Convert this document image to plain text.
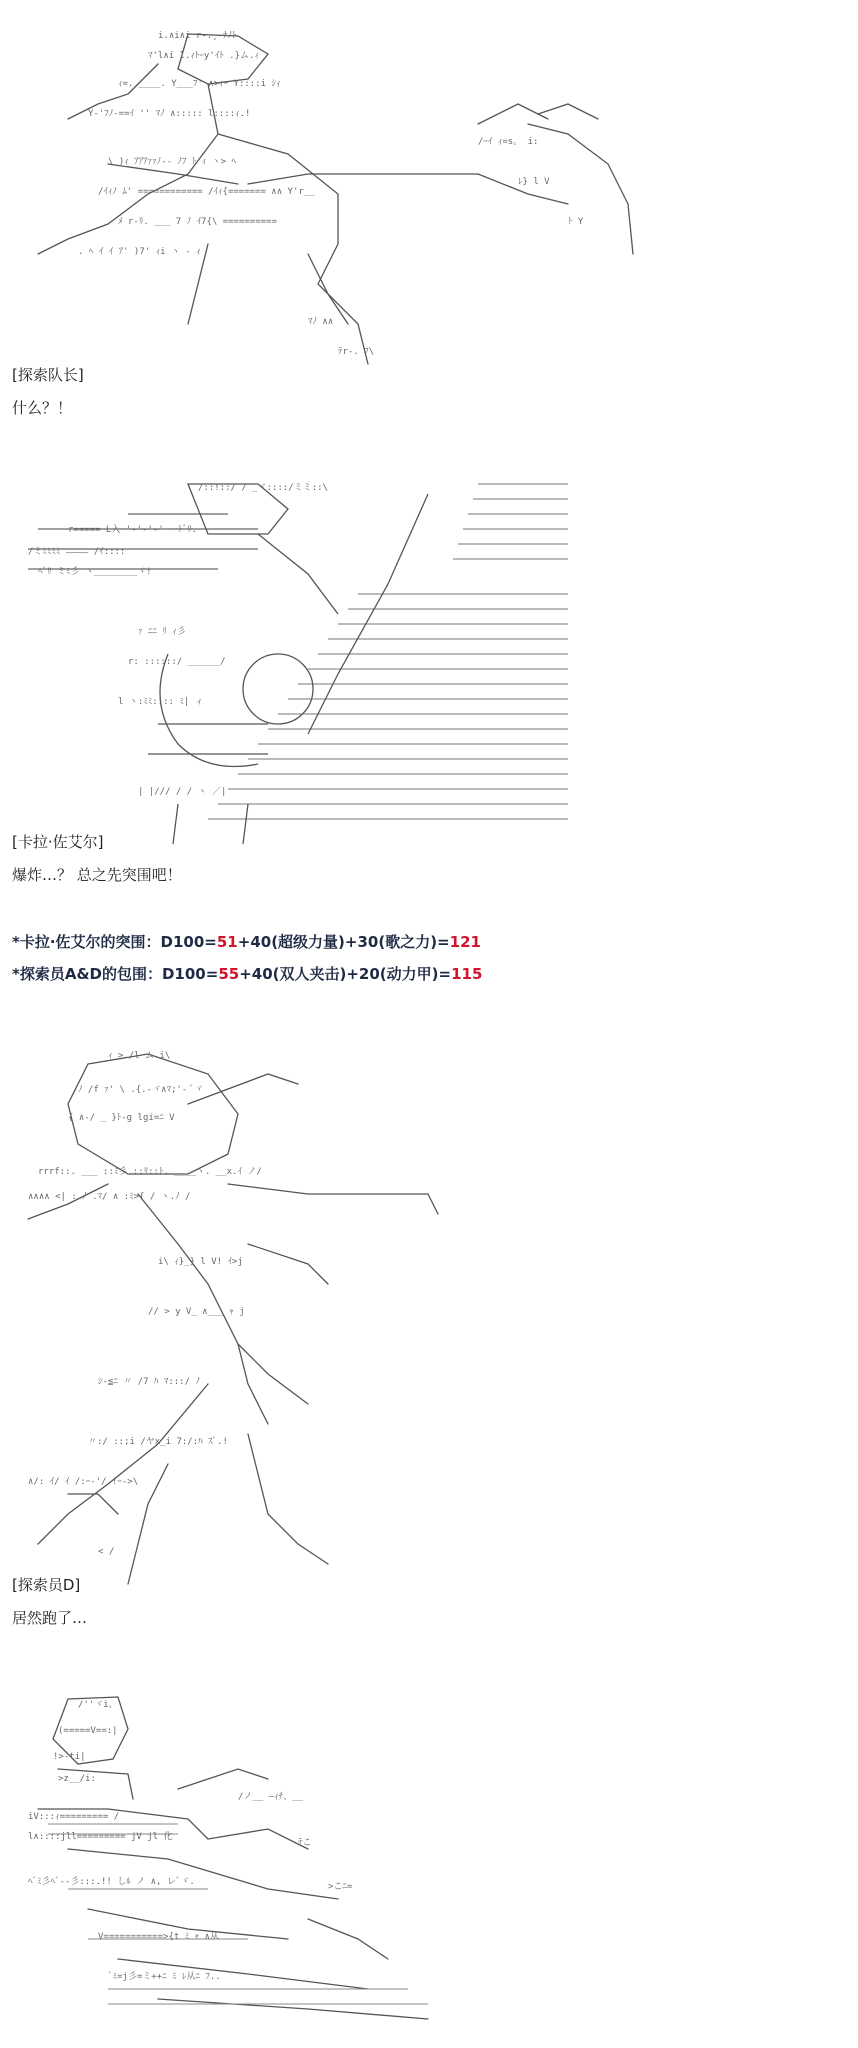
i.∧i∧i r-.¸-ﾅﾉﾄ
ﾏ'l∧i l.ｨﾄｰy'ｲﾄ .}ム.ｨ
ｨ=. ____. Y___ﾌ' ∧>ｨｰ Y::::i ｼｨ
Y-'ﾌﾉ-==ｲ '' ﾏﾉ ∧::::: l::::ｨ.!
\ )ｨ ｱｱｱｧｧﾉ-- ﾉﾌ ﾄ ｨ ヽ> ﾍ
/ｲｨﾉ ﾑ' ============ /ｲｨ{======= ∧∧ Y'r__
ﾒ r-ﾘ. ___ 7 ﾉ ｲ7{\ ==========
. ﾍ ｲ ｲ ｱ' )7' ｨi ヽ ‐ ｨ
/ｰｲ ｨ=s。 i:
ﾚ} l V
ﾄ Y
ﾏﾉ ∧∧
ﾃr-. ﾌ\

[探索队长]
什么？！

/::!::/ / _ヾ::::/ミミ::\
r===== L入 '-'-'-' ーﾄﾞﾘ.
/ミﾐﾐﾐﾐ ﾆﾆﾆﾆﾆ /ｲ::::
ﾍﾞﾘ ミﾐ彡 ヽ________ヾ!
ｧ ﾆﾆ ﾘ ｨ彡
r: ::::::/ ______/
l ヽ:ﾐﾐ:::: ﾐ| ィ
| |/// / / ヽ ／|

[卡拉·佐艾尔]
爆炸…？ 总之先突围吧！
*卡拉·佐艾尔的突围：D100=51+40(超级力量)+30(歌之力)=121
*探索员A&D的包围：D100=55+40(双人夹击)+20(动力甲)=115

ｨ > /l ム i\
ﾉ /f ｧ' \ .{.-ヾ∧ﾏ;'‐ ﾞヾ
{ ∧-/ _ }ﾄ-g lgi=ﾆ V
rrrf::. ___ ::ﾐ彡 ::ﾘ::ﾄ. ____ヽ. __x.ｲ ノ/
∧∧∧∧ <| :.ﾉ .ﾏ/ ∧ :ﾐ>{ / ヽ.ﾉ /
i\ ｨ}_} l V! ｲ>j
// > y V_ ∧___ ｬ j
ｼ-≦ﾆ 〃 /7 ﾊ ﾏ:::/ ﾉ
〃:/ ::;i /ヤx_i 7:/:ﾊ ｽﾞ.!
∧/: ｲ/ ｲ /:ｰ-'/ !ｰ->\
< /

[探索员D]
居然跑了…

/''ヾi、
(=====V==:|
!>-ti|
>z__/i:
/ノ__ ―ｨﾁ、__
iV:::ｨ========= /
l∧::::jll========= jV jl 化
ﾃこ
ﾍﾞﾐ彡ﾍﾞ--彡:::.!! しﾙ ノ ∧, レﾞヾ.	>こﾆ=
V===========>{t ﾐ ｬ ∧从
ﾞﾐ=j彡=ミ++ﾆ ﾐ ﾚ从ﾆ ﾌ..
